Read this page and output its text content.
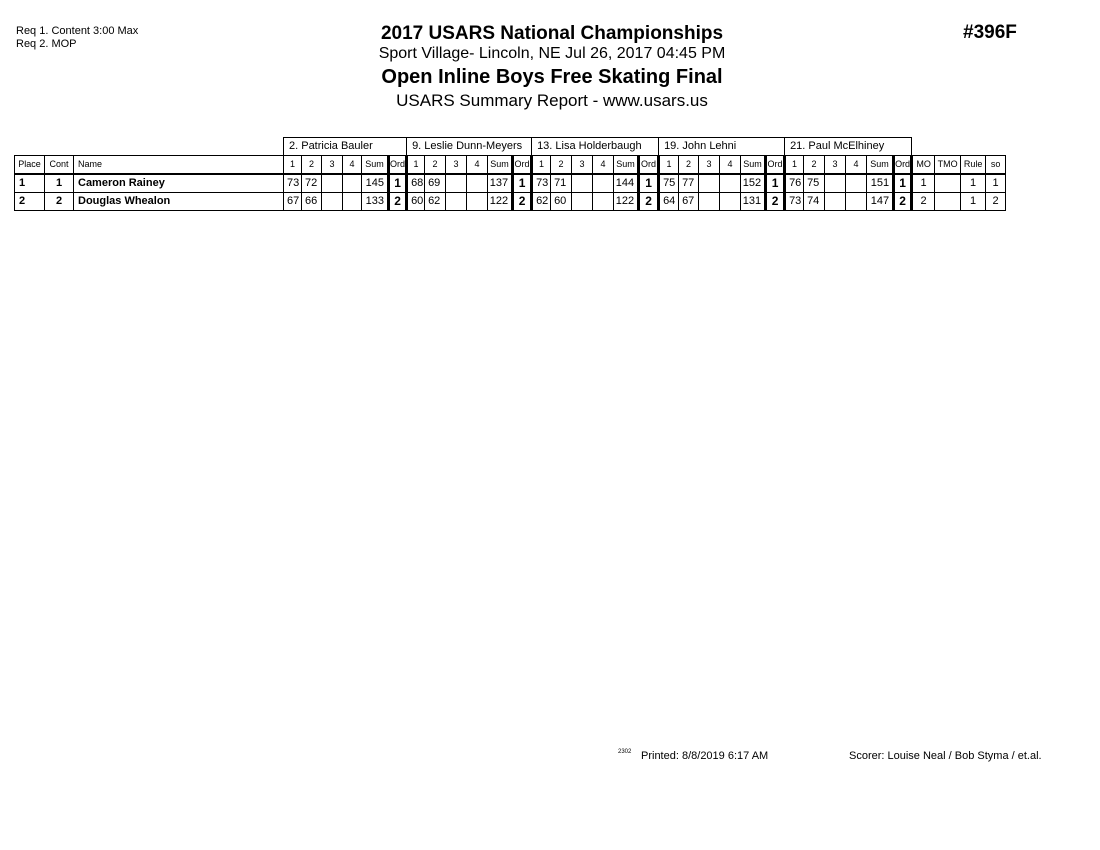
Req 1. Content 3:00 Max
Req 2. MOP
#396F
2017 USARS National Championships
Sport Village- Lincoln, NE Jul 26, 2017 04:45 PM
Open Inline Boys Free Skating Final
USARS Summary Report - www.usars.us
			2. Patricia Bauler						9. Leslie Dunn-Meyers						13. Lisa Holderbaugh						19. John Lehni						21. Paul McElhiney									
Place	Cont	Name	1	2	3	4	Sum	Ord	1	2	3	4	Sum	Ord	1	2	3	4	Sum	Ord	1	2	3	4	Sum	Ord	1	2	3	4	Sum	Ord	MO	TMO	Rule	so
1	1	Cameron Rainey	73	72			145	1	68	69			137	1	73	71			144	1	75	77			152	1	76	75			151	1	1		1	1
2	2	Douglas Whealon	67	66			133	2	60	62			122	2	62	60			122	2	64	67			131	2	73	74			147	2	2		1	2
2302 Printed: 8/8/2019 6:17 AM	Scorer: Louise Neal / Bob Styma / et.al.
